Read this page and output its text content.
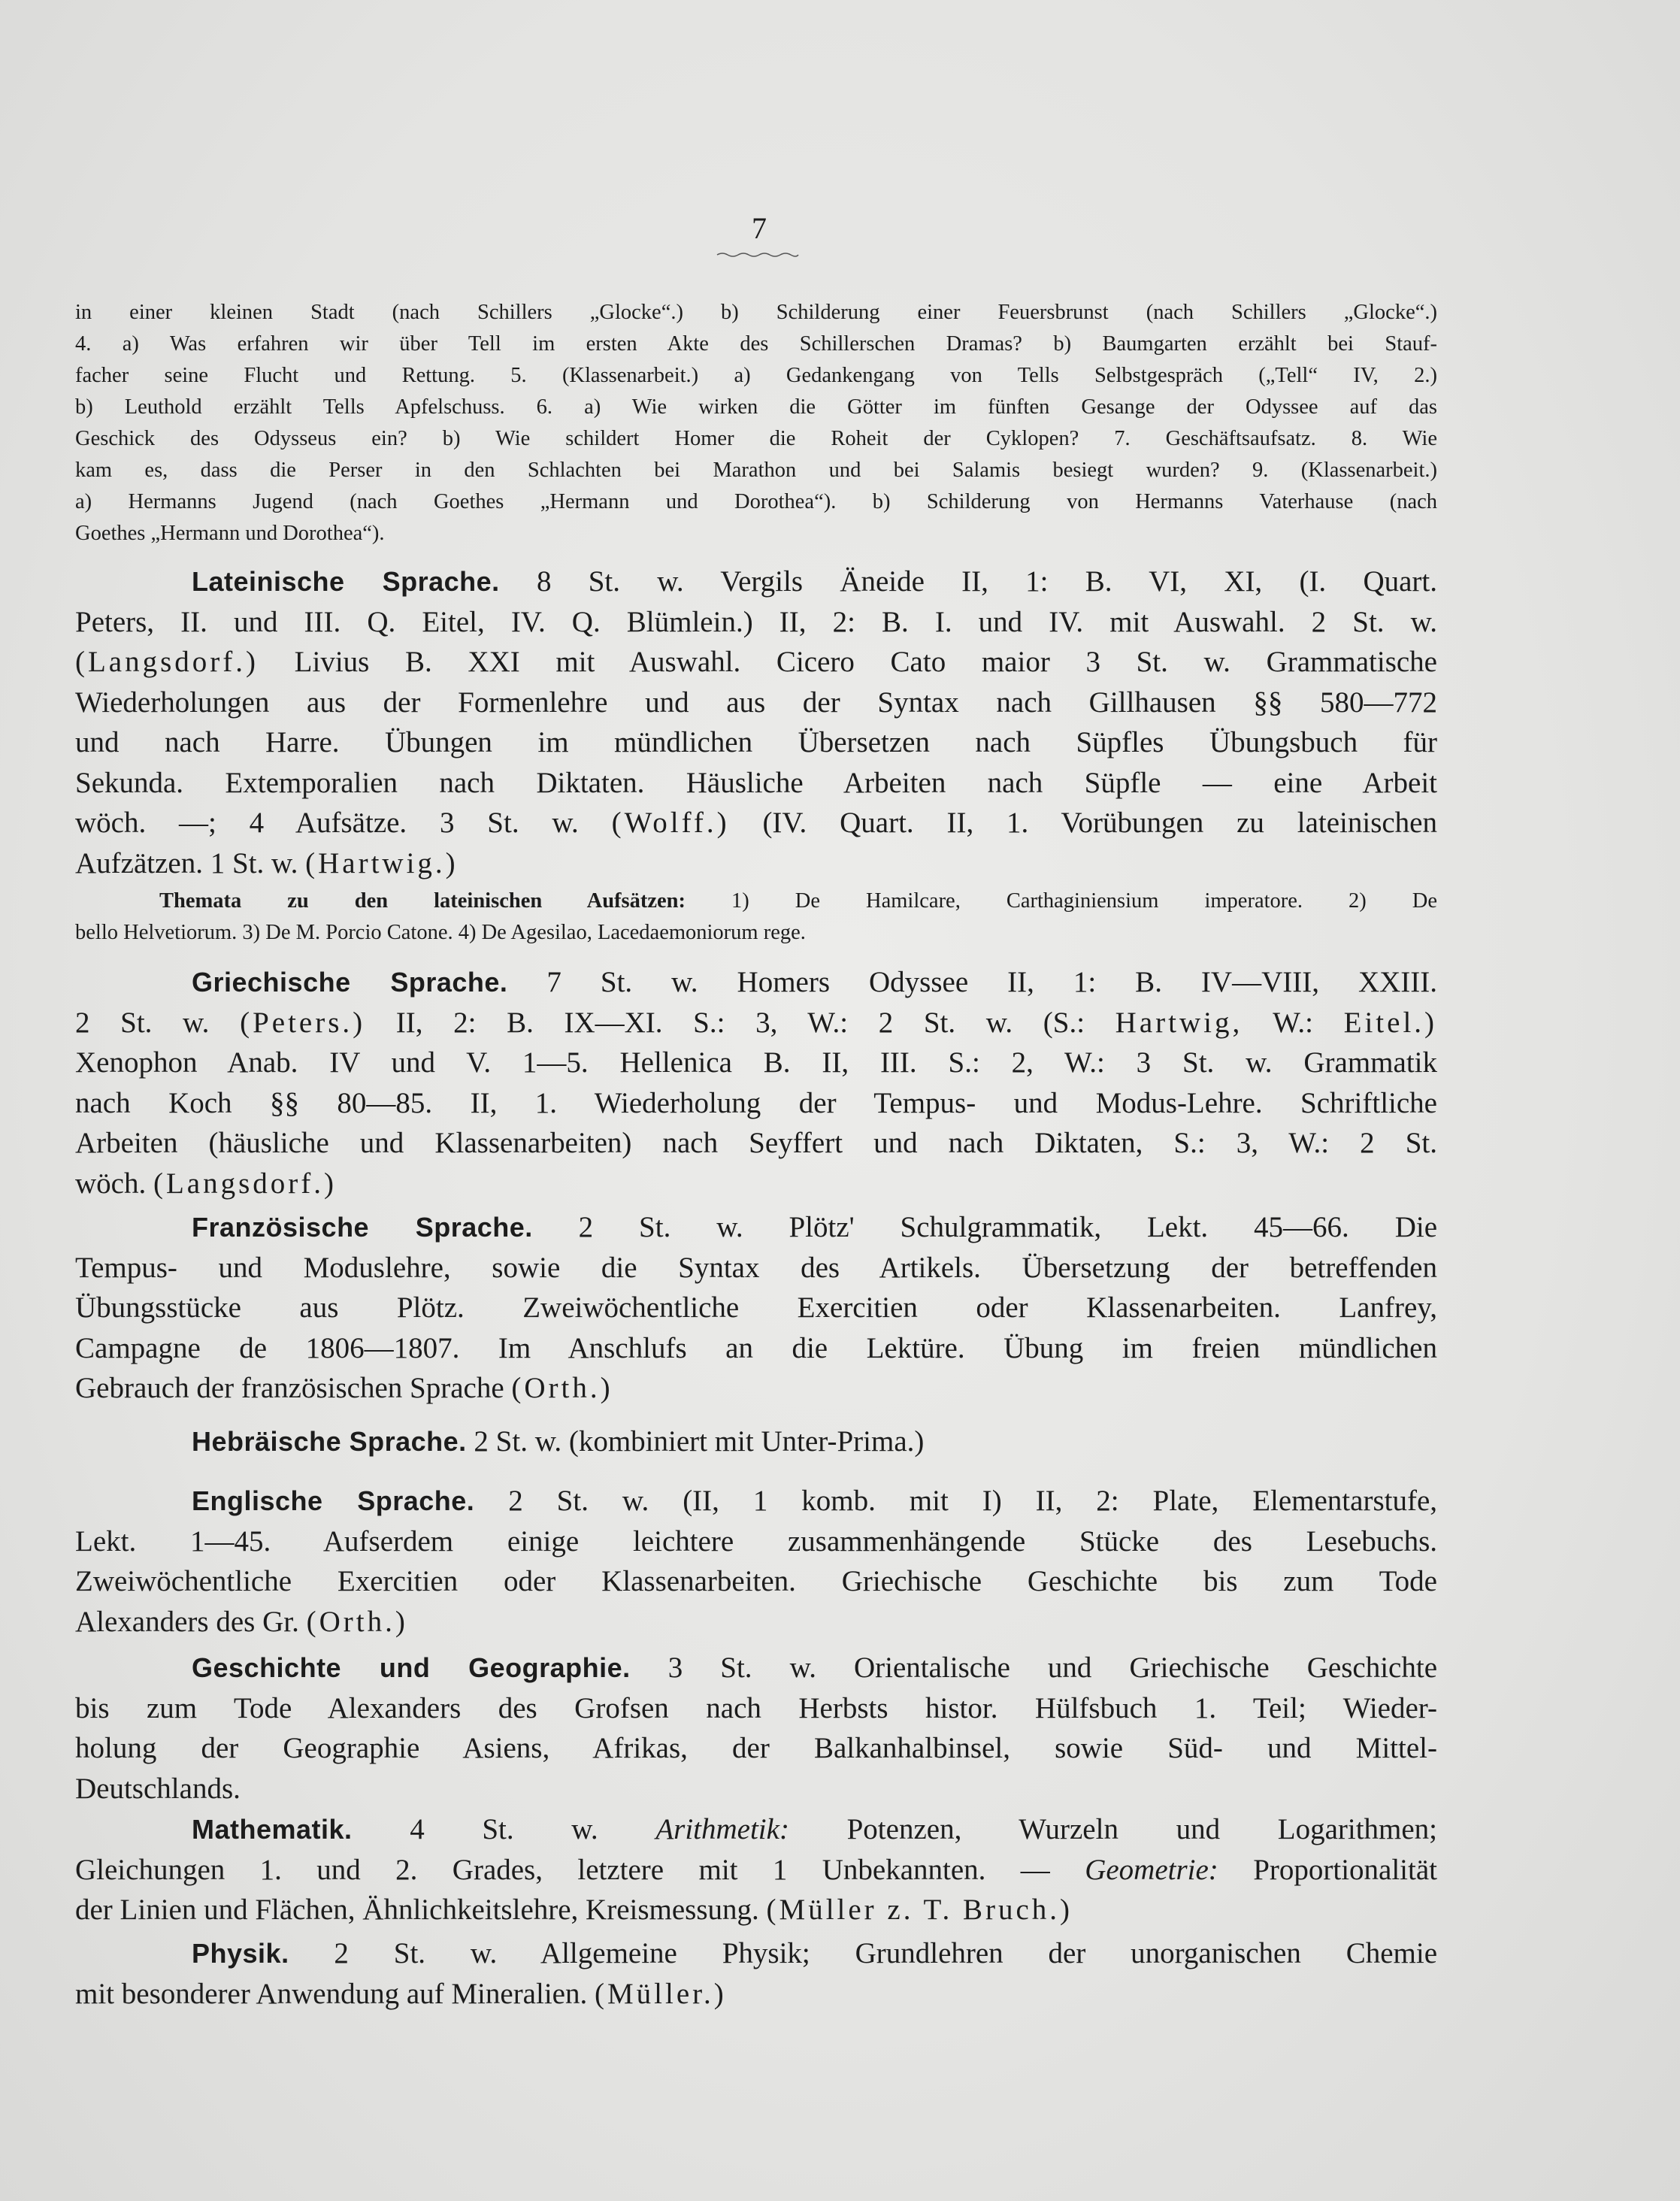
7
in einer kleinen Stadt (nach Schillers „Glocke“.) b) Schilderung einer Feuersbrunst (nach Schillers „Glocke“.)
4. a) Was erfahren wir über Tell im ersten Akte des Schillerschen Dramas? b) Baumgarten erzählt bei Stauf-
facher seine Flucht und Rettung. 5. (Klassenarbeit.) a) Gedankengang von Tells Selbstgespräch („Tell“ IV, 2.)
b) Leuthold erzählt Tells Apfelschuss. 6. a) Wie wirken die Götter im fünften Gesange der Odyssee auf das
Geschick des Odysseus ein? b) Wie schildert Homer die Roheit der Cyklopen? 7. Geschäftsaufsatz. 8. Wie
kam es, dass die Perser in den Schlachten bei Marathon und bei Salamis besiegt wurden? 9. (Klassenarbeit.)
a) Hermanns Jugend (nach Goethes „Hermann und Dorothea“). b) Schilderung von Hermanns Vaterhause (nach
Goethes „Hermann und Dorothea“).
Lateinische Sprache. 8 St. w. Vergils Äneide II, 1: B. VI, XI, (I. Quart.
Peters, II. und III. Q. Eitel, IV. Q. Blümlein.) II, 2: B. I. und IV. mit Auswahl. 2 St. w.
(Langsdorf.) Livius B. XXI mit Auswahl. Cicero Cato maior 3 St. w. Grammatische
Wiederholungen aus der Formenlehre und aus der Syntax nach Gillhausen §§ 580—772
und nach Harre. Übungen im mündlichen Übersetzen nach Süpfles Übungsbuch für
Sekunda. Extemporalien nach Diktaten. Häusliche Arbeiten nach Süpfle — eine Arbeit
wöch. —; 4 Aufsätze. 3 St. w. (Wolff.) (IV. Quart. II, 1. Vorübungen zu lateinischen
Aufzätzen. 1 St. w. (Hartwig.)
Themata zu den lateinischen Aufsätzen: 1) De Hamilcare, Carthaginiensium imperatore. 2) De
bello Helvetiorum. 3) De M. Porcio Catone. 4) De Agesilao, Lacedaemoniorum rege.
Griechische Sprache. 7 St. w. Homers Odyssee II, 1: B. IV—VIII, XXIII.
2 St. w. (Peters.) II, 2: B. IX—XI. S.: 3, W.: 2 St. w. (S.: Hartwig, W.: Eitel.)
Xenophon Anab. IV und V. 1—5. Hellenica B. II, III. S.: 2, W.: 3 St. w. Grammatik
nach Koch §§ 80—85. II, 1. Wiederholung der Tempus- und Modus-Lehre. Schriftliche
Arbeiten (häusliche und Klassenarbeiten) nach Seyffert und nach Diktaten, S.: 3, W.: 2 St.
wöch. (Langsdorf.)
Französische Sprache. 2 St. w. Plötz' Schulgrammatik, Lekt. 45—66. Die
Tempus- und Moduslehre, sowie die Syntax des Artikels. Übersetzung der betreffenden
Übungsstücke aus Plötz. Zweiwöchentliche Exercitien oder Klassenarbeiten. Lanfrey,
Campagne de 1806—1807. Im Anschlufs an die Lektüre. Übung im freien mündlichen
Gebrauch der französischen Sprache (Orth.)
Hebräische Sprache. 2 St. w. (kombiniert mit Unter-Prima.)
Englische Sprache. 2 St. w. (II, 1 komb. mit I) II, 2: Plate, Elementarstufe,
Lekt. 1—45. Aufserdem einige leichtere zusammenhängende Stücke des Lesebuchs.
Zweiwöchentliche Exercitien oder Klassenarbeiten. Griechische Geschichte bis zum Tode
Alexanders des Gr. (Orth.)
Geschichte und Geographie. 3 St. w. Orientalische und Griechische Geschichte
bis zum Tode Alexanders des Grofsen nach Herbsts histor. Hülfsbuch 1. Teil; Wieder-
holung der Geographie Asiens, Afrikas, der Balkanhalbinsel, sowie Süd- und Mittel-
Deutschlands.
Mathematik. 4 St. w. Arithmetik: Potenzen, Wurzeln und Logarithmen;
Gleichungen 1. und 2. Grades, letztere mit 1 Unbekannten. — Geometrie: Proportionalität
der Linien und Flächen, Ähnlichkeitslehre, Kreismessung. (Müller z. T. Bruch.)
Physik. 2 St. w. Allgemeine Physik; Grundlehren der unorganischen Chemie
mit besonderer Anwendung auf Mineralien. (Müller.)
